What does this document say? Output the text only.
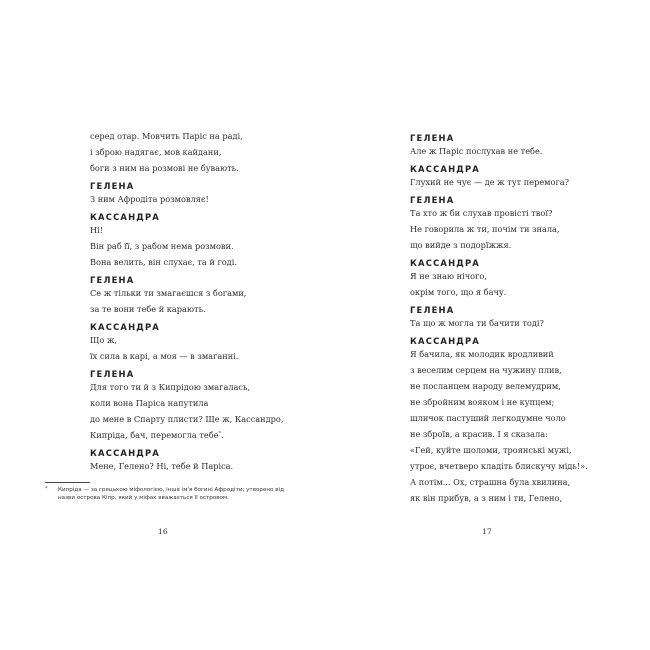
серед отар. Мовчить Паріс на раді,
і зброю надягає, мов кайдани,
боги з ним на розмові не бувають.
ГЕЛЕНА
З ним Афродіта розмовляє!
КАССАНДРА
Ні!
Він раб її, з рабом нема розмови.
Вона велить, він слухає, та й годі.
ГЕЛЕНА
Се ж тільки ти змагаєшся з богами,
за те вони тебе й карають.
КАССАНДРА
Що ж,
їх сила в карі, а моя — в змаганні.
ГЕЛЕНА
Для того ти й з Кипрідою змагалась,
коли вона Паріса напутила
до мене в Спарту плисти? Ще ж, Кассандро,
Кипріда, бач, перемогла тебе*.
КАССАНДРА
Мене, Гелено? Ні, тебе й Паріса.
*	Кипріда — за грецькою міфологією, інше ім'я богині Афродіти; утворено від назви острова Кіпр, який у міфах вважається її островом.
16
ГЕЛЕНА
Але ж Паріс послухав не тебе.
КАССАНДРА
Глухий не чує — де ж тут перемога?
ГЕЛЕНА
Та хто ж би слухав провісті твої?
Не говорила ж ти, почім ти знала,
що вийде з подорїжжя.
КАССАНДРА
Я не знаю нічого,
окрім того, що я бачу.
ГЕЛЕНА
Та що ж могла ти бачити тоді?
КАССАНДРА
Я бачила, як молодик вродливий
з веселим серцем на чужину плив,
не посланцем народу велемудрим,
не збройним вояком і не купцем;
шличок пастуший легкодумне чоло
не зброїв, а красив. І я сказала:
«Гей, куйте шоломи, троянські мужі,
утроє, вчетверо кладіть блискучу мідь!».
А потім... Ох, страшна була хвилина,
як він прибув, а з ним і ти, Гелено,
17
